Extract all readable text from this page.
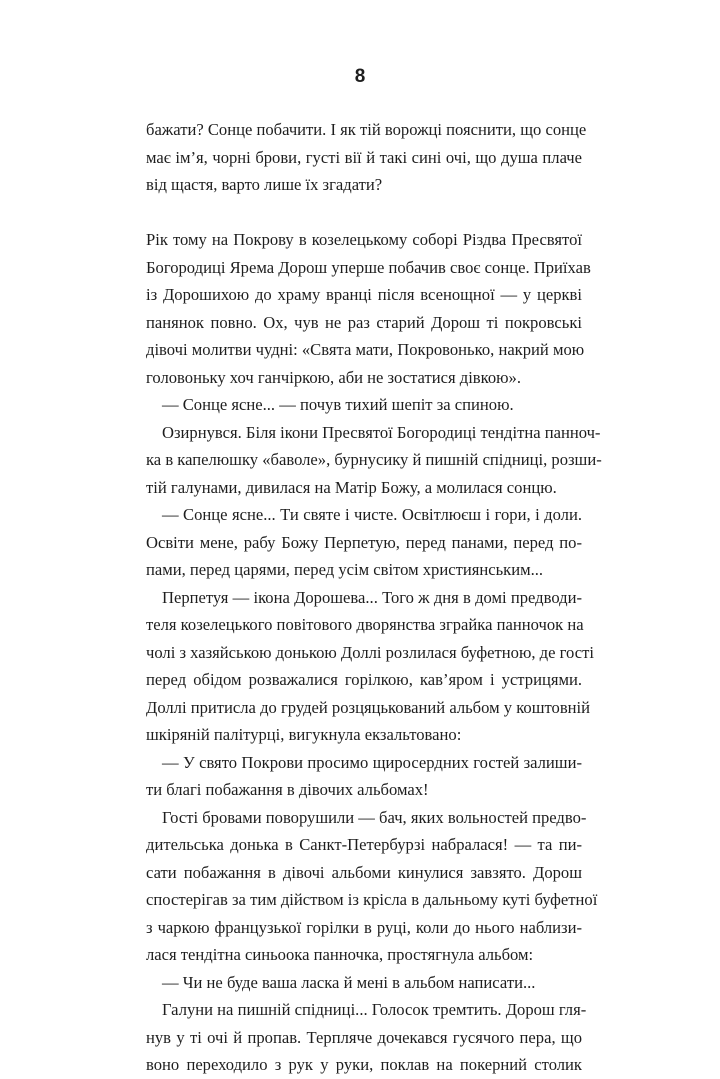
8

бажати? Сонце побачити. І як тій ворожці пояснити, що сонце
має ім’я, чорні брови, густі вії й такі сині очі, що душа плаче
від щастя, варто лише їх згадати?
Рік тому на Покрову в козелецькому соборі Різдва Пресвятої
Богородиці Ярема Дорош уперше побачив своє сонце. Приїхав
із Дорошихою до храму вранці після всенощної — у церкві
панянок повно. Ох, чув не раз старий Дорош ті покровські
дівочі молитви чудні: «Свята мати, Покровонько, накрий мою
головоньку хоч ганчіркою, аби не зостатися дівкою».
— Сонце ясне... — почув тихий шепіт за спиною.
Озирнувся. Біля ікони Пресвятої Богородиці тендітна панноч-
ка в капелюшку «баволе», бурнусику й пишній спідниці, розши-
тій галунами, дивилася на Матір Божу, а молилася сонцю.
— Сонце ясне... Ти святе і чисте. Освітлюєш і гори, і доли.
Освіти мене, рабу Божу Перпетую, перед панами, перед по-
пами, перед царями, перед усім світом християнським...
Перпетуя — ікона Дорошева... Того ж дня в домі предводи-
теля козелецького повітового дворянства зграйка панночок на
чолі з хазяйською донькою Доллі розлилася буфетною, де гості
перед обідом розважалися горілкою, кав’яром і устрицями.
Доллі притисла до грудей розцяцькований альбом у коштовній
шкіряній палітурці, вигукнула екзальтовано:
— У свято Покрови просимо щиросердних гостей залиши-
ти благі побажання в дівочих альбомах!
Гості бровами поворушили — бач, яких вольностей предво-
дительська донька в Санкт-Петербурзі набралася! — та пи-
сати побажання в дівочі альбоми кинулися завзято. Дорош
спостерігав за тим дійством із крісла в дальньому куті буфетної
з чаркою французької горілки в руці, коли до нього наблизи-
лася тендітна синьоока панночка, простягнула альбом:
— Чи не буде ваша ласка й мені в альбом написати...
Галуни на пишній спідниці... Голосок тремтить. Дорош гля-
нув у ті очі й пропав. Терпляче дочекався гусячого пера, що
воно переходило з рук у руки, поклав на покерний столик
